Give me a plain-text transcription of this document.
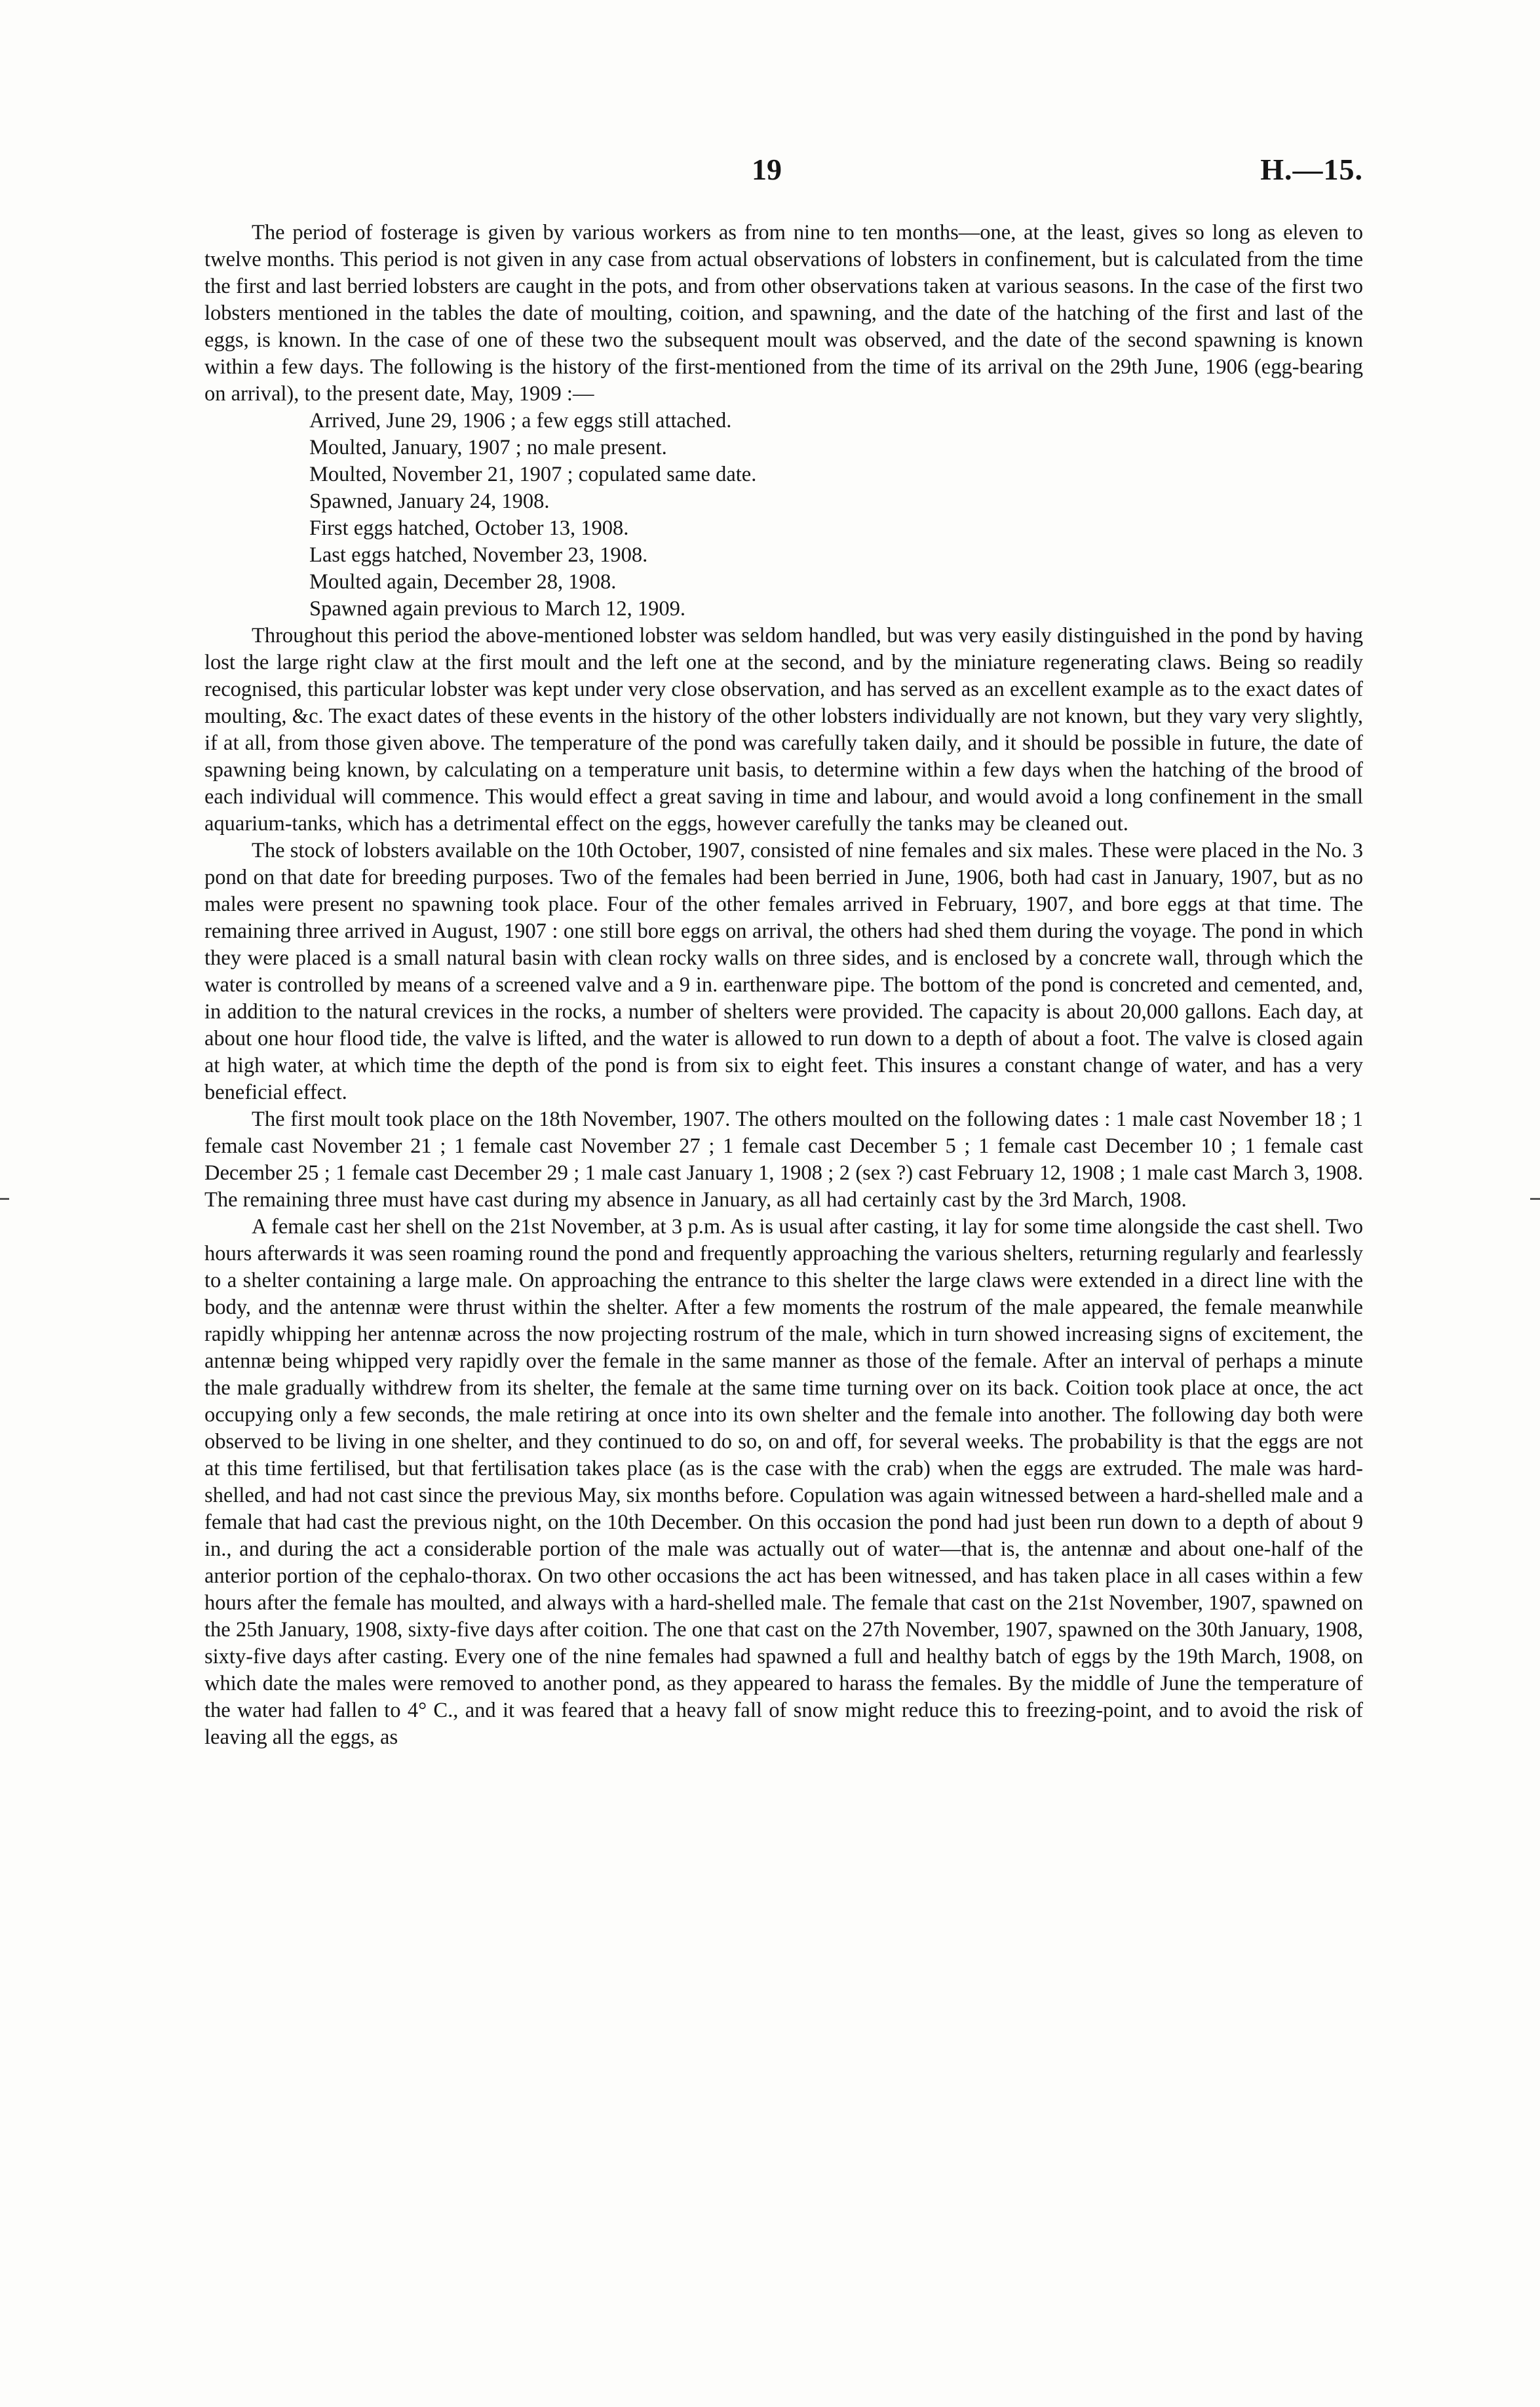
19	H.—15.

The period of fosterage is given by various workers as from nine to ten months—one, at the least, gives so long as eleven to twelve months. This period is not given in any case from actual observations of lobsters in confinement, but is calculated from the time the first and last berried lobsters are caught in the pots, and from other observations taken at various seasons. In the case of the first two lobsters mentioned in the tables the date of moulting, coition, and spawning, and the date of the hatching of the first and last of the eggs, is known. In the case of one of these two the subsequent moult was observed, and the date of the second spawning is known within a few days. The following is the history of the first-mentioned from the time of its arrival on the 29th June, 1906 (egg-bearing on arrival), to the present date, May, 1909 :—

Arrived, June 29, 1906 ; a few eggs still attached.
Moulted, January, 1907 ; no male present.
Moulted, November 21, 1907 ; copulated same date.
Spawned, January 24, 1908.
First eggs hatched, October 13, 1908.
Last eggs hatched, November 23, 1908.
Moulted again, December 28, 1908.
Spawned again previous to March 12, 1909.

Throughout this period the above-mentioned lobster was seldom handled, but was very easily distinguished in the pond by having lost the large right claw at the first moult and the left one at the second, and by the miniature regenerating claws. Being so readily recognised, this particular lobster was kept under very close observation, and has served as an excellent example as to the exact dates of moulting, &c. The exact dates of these events in the history of the other lobsters individually are not known, but they vary very slightly, if at all, from those given above. The temperature of the pond was carefully taken daily, and it should be possible in future, the date of spawning being known, by calculating on a temperature unit basis, to determine within a few days when the hatching of the brood of each individual will commence. This would effect a great saving in time and labour, and would avoid a long confinement in the small aquarium-tanks, which has a detrimental effect on the eggs, however carefully the tanks may be cleaned out.

The stock of lobsters available on the 10th October, 1907, consisted of nine females and six males. These were placed in the No. 3 pond on that date for breeding purposes. Two of the females had been berried in June, 1906, both had cast in January, 1907, but as no males were present no spawning took place. Four of the other females arrived in February, 1907, and bore eggs at that time. The remaining three arrived in August, 1907 : one still bore eggs on arrival, the others had shed them during the voyage. The pond in which they were placed is a small natural basin with clean rocky walls on three sides, and is enclosed by a concrete wall, through which the water is controlled by means of a screened valve and a 9 in. earthenware pipe. The bottom of the pond is concreted and cemented, and, in addition to the natural crevices in the rocks, a number of shelters were provided. The capacity is about 20,000 gallons. Each day, at about one hour flood tide, the valve is lifted, and the water is allowed to run down to a depth of about a foot. The valve is closed again at high water, at which time the depth of the pond is from six to eight feet. This insures a constant change of water, and has a very beneficial effect.

The first moult took place on the 18th November, 1907. The others moulted on the following dates : 1 male cast November 18 ; 1 female cast November 21 ; 1 female cast November 27 ; 1 female cast December 5 ; 1 female cast December 10 ; 1 female cast December 25 ; 1 female cast December 29 ; 1 male cast January 1, 1908 ; 2 (sex ?) cast February 12, 1908 ; 1 male cast March 3, 1908. The remaining three must have cast during my absence in January, as all had certainly cast by the 3rd March, 1908.

A female cast her shell on the 21st November, at 3 p.m. As is usual after casting, it lay for some time alongside the cast shell. Two hours afterwards it was seen roaming round the pond and frequently approaching the various shelters, returning regularly and fearlessly to a shelter containing a large male. On approaching the entrance to this shelter the large claws were extended in a direct line with the body, and the antennæ were thrust within the shelter. After a few moments the rostrum of the male appeared, the female meanwhile rapidly whipping her antennæ across the now projecting rostrum of the male, which in turn showed increasing signs of excitement, the antennæ being whipped very rapidly over the female in the same manner as those of the female. After an interval of perhaps a minute the male gradually withdrew from its shelter, the female at the same time turning over on its back. Coition took place at once, the act occupying only a few seconds, the male retiring at once into its own shelter and the female into another. The following day both were observed to be living in one shelter, and they continued to do so, on and off, for several weeks. The probability is that the eggs are not at this time fertilised, but that fertilisation takes place (as is the case with the crab) when the eggs are extruded. The male was hard-shelled, and had not cast since the previous May, six months before. Copulation was again witnessed between a hard-shelled male and a female that had cast the previous night, on the 10th December. On this occasion the pond had just been run down to a depth of about 9 in., and during the act a considerable portion of the male was actually out of water—that is, the antennæ and about one-half of the anterior portion of the cephalo-thorax. On two other occasions the act has been witnessed, and has taken place in all cases within a few hours after the female has moulted, and always with a hard-shelled male. The female that cast on the 21st November, 1907, spawned on the 25th January, 1908, sixty-five days after coition. The one that cast on the 27th November, 1907, spawned on the 30th January, 1908, sixty-five days after casting. Every one of the nine females had spawned a full and healthy batch of eggs by the 19th March, 1908, on which date the males were removed to another pond, as they appeared to harass the females. By the middle of June the temperature of the water had fallen to 4° C., and it was feared that a heavy fall of snow might reduce this to freezing-point, and to avoid the risk of leaving all the eggs, as
